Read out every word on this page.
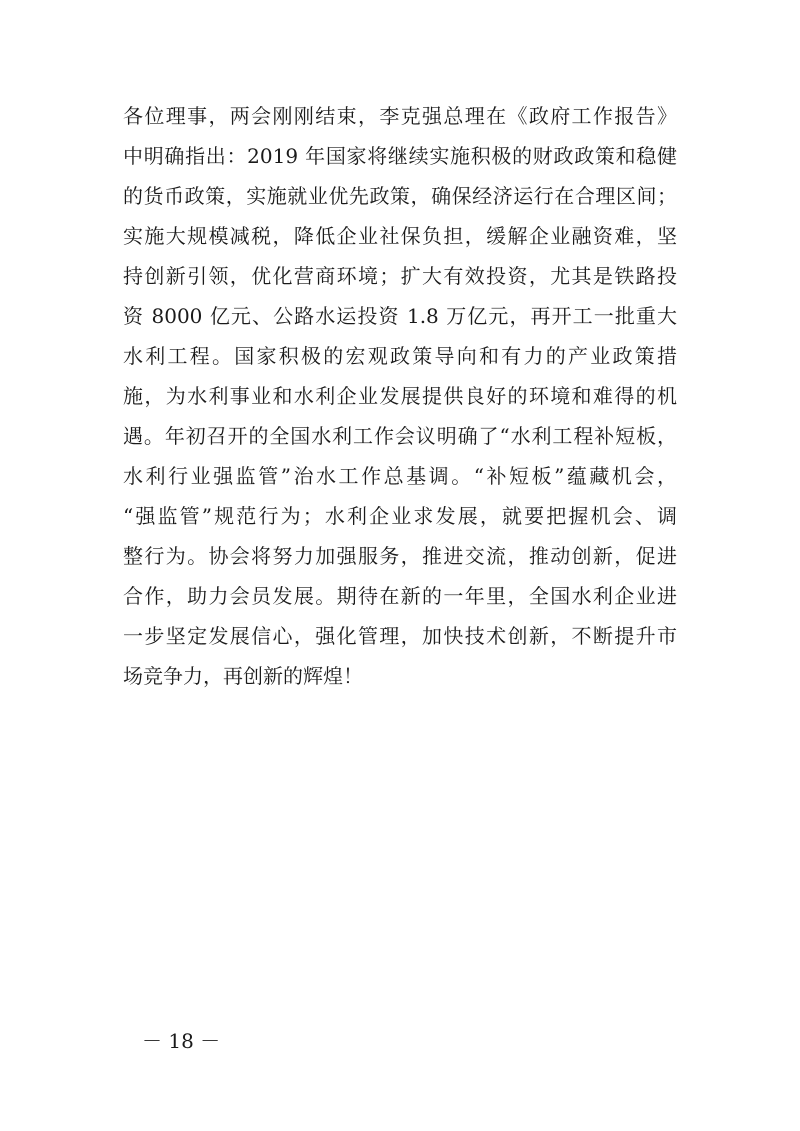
各位理事，两会刚刚结束，李克强总理在《政府工作报告》
中明确指出：2019 年国家将继续实施积极的财政政策和稳健
的货币政策，实施就业优先政策，确保经济运行在合理区间；
实施大规模减税，降低企业社保负担，缓解企业融资难，坚
持创新引领，优化营商环境；扩大有效投资，尤其是铁路投
资 8000 亿元、公路水运投资 1.8 万亿元，再开工一批重大
水利工程。国家积极的宏观政策导向和有力的产业政策措
施，为水利事业和水利企业发展提供良好的环境和难得的机
遇。年初召开的全国水利工作会议明确了“水利工程补短板，
水利行业强监管”治水工作总基调。“补短板”蕴藏机会，
“强监管”规范行为；水利企业求发展，就要把握机会、调
整行为。协会将努力加强服务，推进交流，推动创新，促进
合作，助力会员发展。期待在新的一年里，全国水利企业进
一步坚定发展信心，强化管理，加快技术创新，不断提升市
场竞争力，再创新的辉煌！
－ 18 －
